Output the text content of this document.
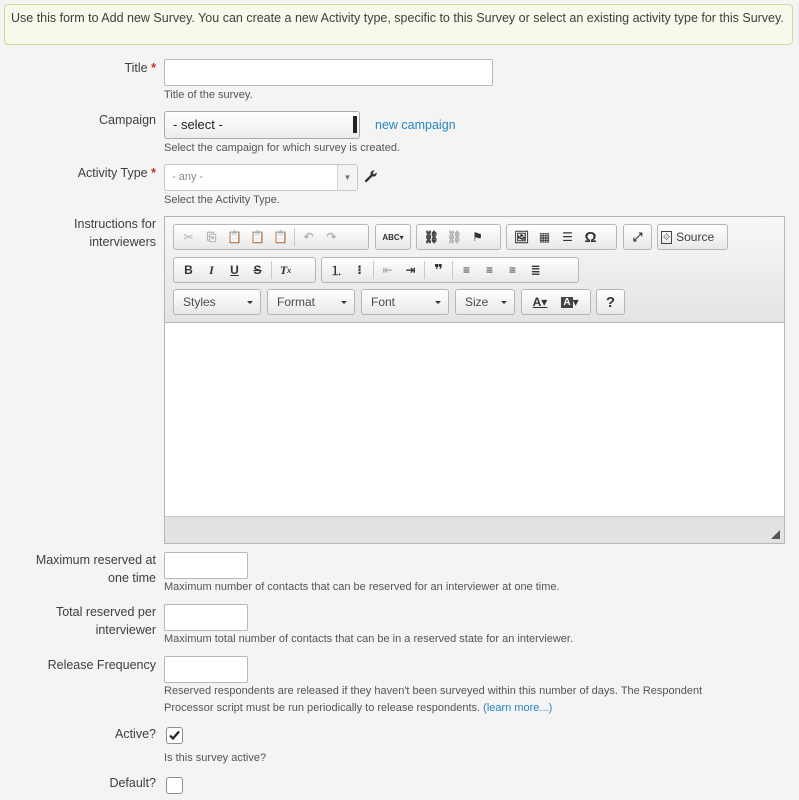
Use this form to Add new Survey. You can create a new Activity type, specific to this Survey or select an existing activity type for this Survey.
Title *
Title of the survey.
Campaign	- select -	new campaign
Select the campaign for which survey is created.
Activity Type *	- any -	▼
Select the Activity Type.
Instructions for
interviewers	✂	⎘ 📋 📋 📋	↶	↷	ABC ▾	⛓ ⛓ ⚑	🖼 ▦ ☰ Ω	⤢	⟐ Source
B	I	U	S	T x	⒈	⁝	⇤	⇥	❞	≡	≡	≡	≣
Styles	Format	Font	Size	A▾	A ▾	?
Maximum reserved at
one time
Maximum number of contacts that can be reserved for an interviewer at one time.
Total reserved per
interviewer
Maximum total number of contacts that can be in a reserved state for an interviewer.
Release Frequency
Reserved respondents are released if they haven't been surveyed within this number of days. The Respondent
Processor script must be run periodically to release respondents. (learn more...)
Active?
Is this survey active?
Default?
